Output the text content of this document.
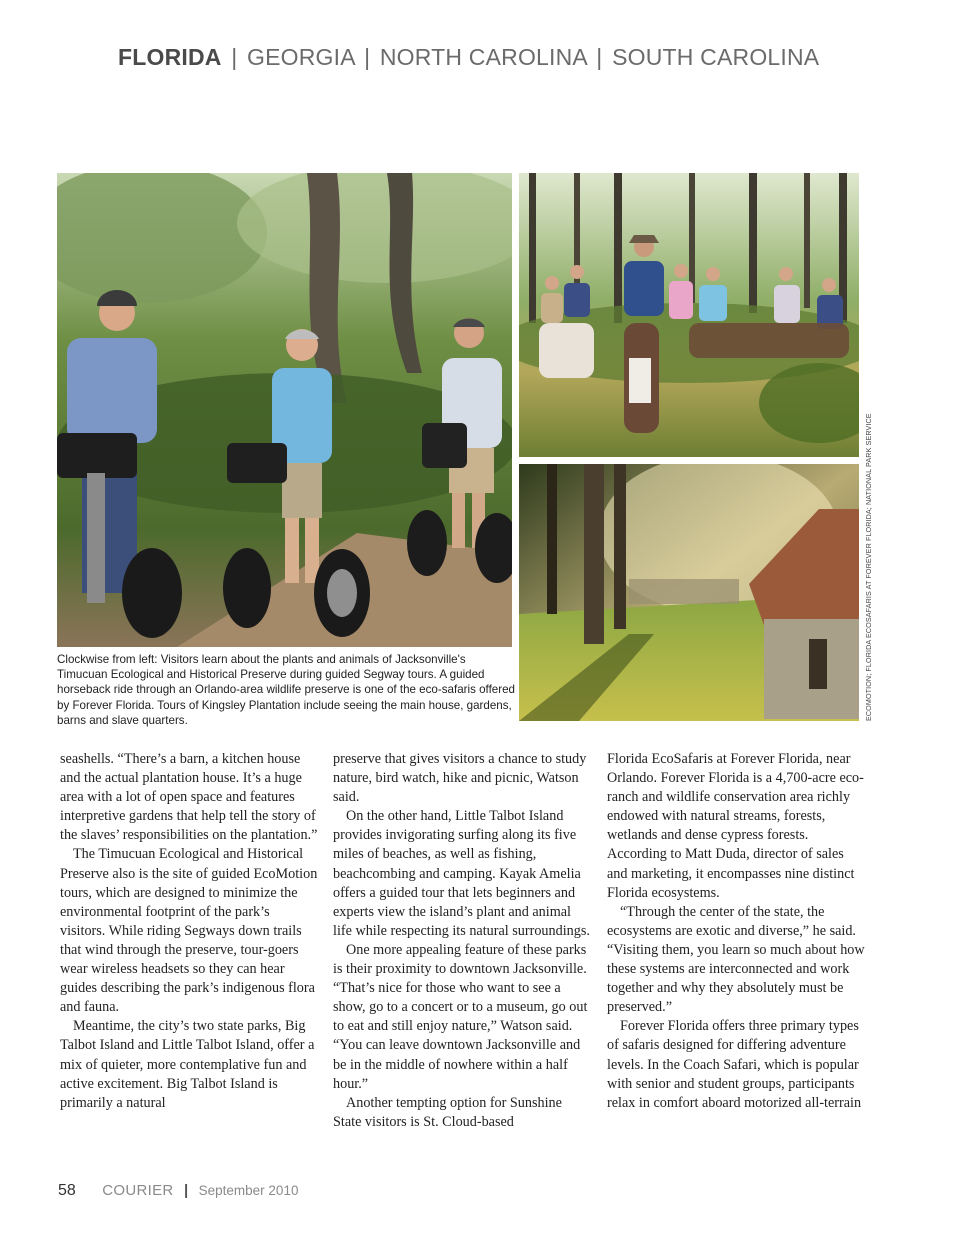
FLORIDA | GEORGIA | NORTH CAROLINA | SOUTH CAROLINA
Clockwise from left: Visitors learn about the plants and animals of Jacksonville's Timucuan Ecological and Historical Preserve during guided Segway tours. A guided horseback ride through an Orlando-area wildlife preserve is one of the eco-safaris offered by Forever Florida. Tours of Kingsley Plantation include seeing the main house, gardens, barns and slave quarters.	ECOMOTION; FLORIDA ECOSAFARIS AT FOREVER FLORIDA; NATIONAL PARK SERVICE

seashells. “There’s a barn, a kitchen house and the actual plantation house. It’s a huge area with a lot of open space and features interpretive gardens that help tell the story of the slaves’ responsibilities on the plantation.”

The Timucuan Ecological and Historical Preserve also is the site of guided EcoMotion tours, which are designed to minimize the environmental footprint of the park’s visitors. While riding Segways down trails that wind through the preserve, tour-goers wear wireless headsets so they can hear guides describing the park’s indigenous flora and fauna.

Meantime, the city’s two state parks, Big Talbot Island and Little Talbot Island, offer a mix of quieter, more contemplative fun and active excitement. Big Talbot Island is primarily a natural

preserve that gives visitors a chance to study nature, bird watch, hike and picnic, Watson said.

On the other hand, Little Talbot Island provides invigorating surfing along its five miles of beaches, as well as fishing, beachcombing and camping. Kayak Amelia offers a guided tour that lets beginners and experts view the island’s plant and animal life while respecting its natural surroundings.

One more appealing feature of these parks is their proximity to downtown Jacksonville. “That’s nice for those who want to see a show, go to a concert or to a museum, go out to eat and still enjoy nature,” Watson said. “You can leave downtown Jacksonville and be in the middle of nowhere within a half hour.”

Another tempting option for Sunshine State visitors is St. Cloud-based

Florida EcoSafaris at Forever Florida, near Orlando. Forever Florida is a 4,700-acre eco-ranch and wildlife conservation area richly endowed with natural streams, forests, wetlands and dense cypress forests. According to Matt Duda, director of sales and marketing, it encompasses nine distinct Florida ecosystems.

“Through the center of the state, the ecosystems are exotic and diverse,” he said. “Visiting them, you learn so much about how these systems are interconnected and work together and why they absolutely must be preserved.”

Forever Florida offers three primary types of safaris designed for differing adventure levels. In the Coach Safari, which is popular with senior and student groups, participants relax in comfort aboard motorized all-terrain

58 COURIER | September 2010
